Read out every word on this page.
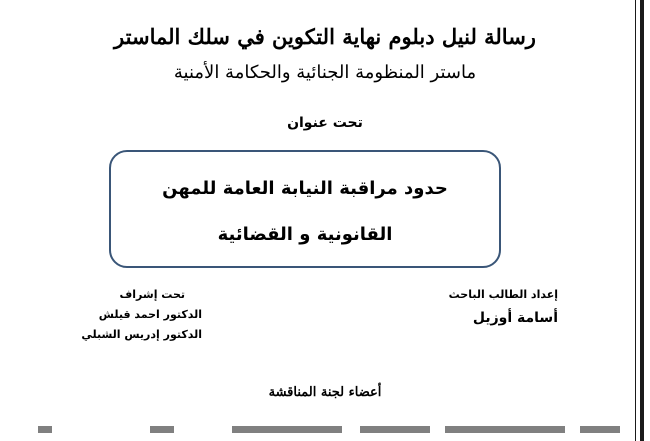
رسالة لنيل دبلوم نهاية التكوين في سلك الماستر
ماستر المنظومة الجنائية والحكامة الأمنية
تحت عنوان
حدود مراقبة النيابة العامة للمهن
القانونية و القضائية
إعداد الطالب الباحث
أسامة أوزيل
تحت إشراف
الدكتور احمد قيلش
الدكتور إدريس الشبلي
أعضاء لجنة المناقشة
